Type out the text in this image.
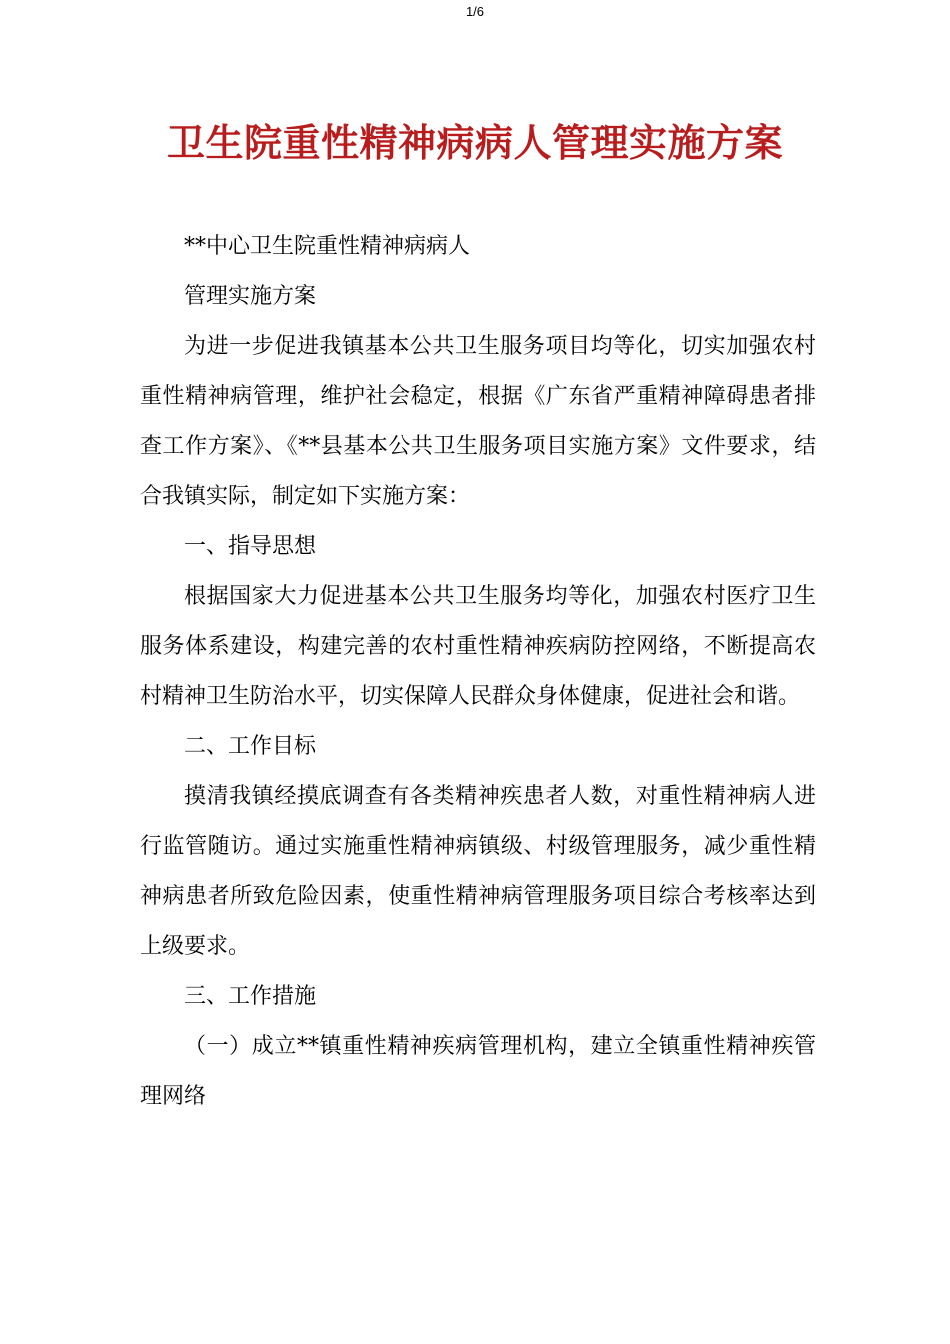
1/6
卫生院重性精神病病人管理实施方案

**中心卫生院重性精神病病人

管理实施方案

为进一步促进我镇基本公共卫生服务项目均等化，切实加强农村重性精神病管理，维护社会稳定，根据《广东省严重精神障碍患者排查工作方案》、《**县基本公共卫生服务项目实施方案》文件要求，结合我镇实际，制定如下实施方案：

一、指导思想

根据国家大力促进基本公共卫生服务均等化，加强农村医疗卫生服务体系建设，构建完善的农村重性精神疾病防控网络，不断提高农村精神卫生防治水平，切实保障人民群众身体健康，促进社会和谐。

二、工作目标

摸清我镇经摸底调查有各类精神疾患者人数，对重性精神病人进行监管随访。通过实施重性精神病镇级、村级管理服务，减少重性精神病患者所致危险因素，使重性精神病管理服务项目综合考核率达到上级要求。

三、工作措施

（一）成立**镇重性精神疾病管理机构，建立全镇重性精神疾管理网络
